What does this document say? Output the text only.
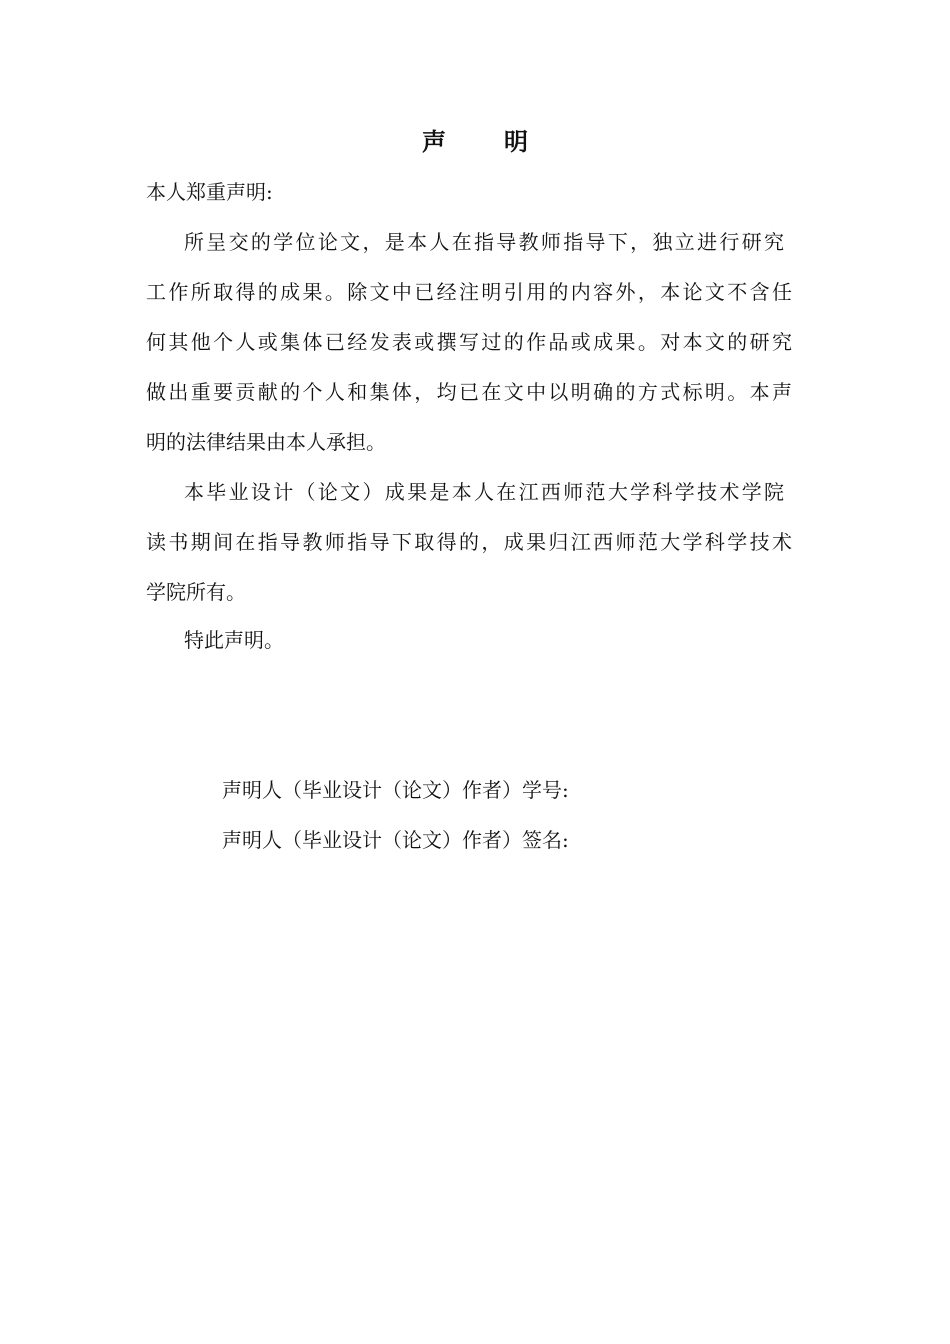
声 明
本人郑重声明:
所呈交的学位论文，是本人在指导教师指导下，独立进行研究
工作所取得的成果。除文中已经注明引用的内容外，本论文不含任
何其他个人或集体已经发表或撰写过的作品或成果。对本文的研究
做出重要贡献的个人和集体，均已在文中以明确的方式标明。本声
明的法律结果由本人承担。
本毕业设计（论文）成果是本人在江西师范大学科学技术学院
读书期间在指导教师指导下取得的，成果归江西师范大学科学技术
学院所有。
特此声明。
声明人（毕业设计（论文）作者）学号:
声明人（毕业设计（论文）作者）签名:
